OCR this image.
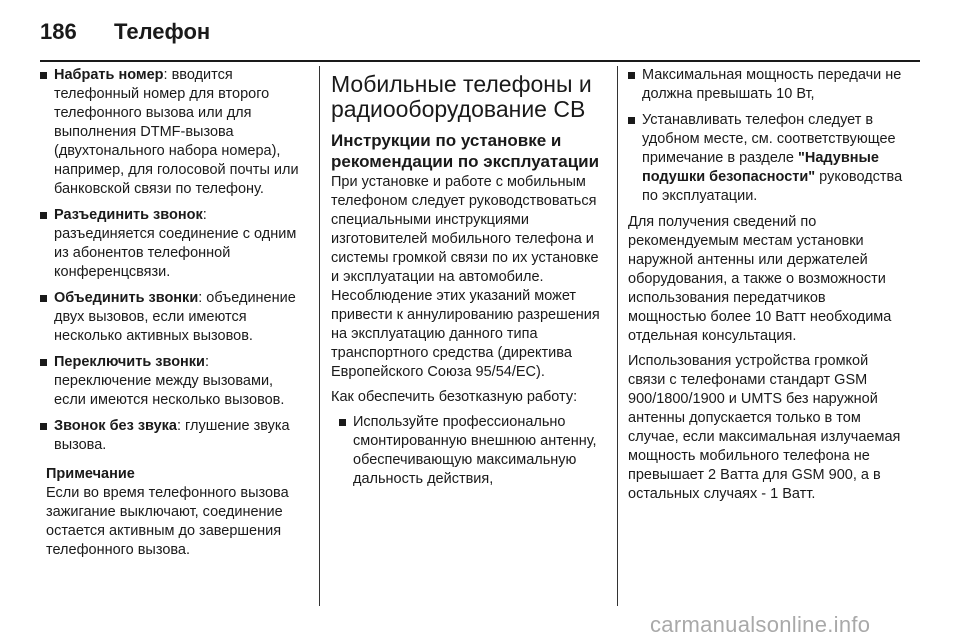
186 Телефон
Набрать номер: вводится телефонный номер для второго телефонного вызова или для выполнения DTMF-вызова (двухтонального набора номера), например, для голосовой почты или банковской связи по телефону.
Разъединить звонок: разъединяется соединение с одним из абонентов телефонной конференцсвязи.
Объединить звонки: объединение двух вызовов, если имеются несколько активных вызовов.
Переключить звонки: переключение между вызовами, если имеются несколько вызовов.
Звонок без звука: глушение звука вызова.
Примечание
Если во время телефонного вызова зажигание выключают, соединение остается активным до завершения телефонного вызова.
Мобильные телефоны и радиооборудование СВ
Инструкции по установке и рекомендации по эксплуатации
При установке и работе с мобильным телефоном следует руководствоваться специальными инструкциями изготовителей мобильного телефона и системы громкой связи по их установке и эксплуатации на автомобиле. Несоблюдение этих указаний может привести к аннулированию разрешения на эксплуатацию данного типа транспортного средства (директива Европейского Союза 95/54/EC).
Как обеспечить безотказную работу:
Используйте профессионально смонтированную внешнюю антенну, обеспечивающую максимальную дальность действия,
Максимальная мощность передачи не должна превышать 10 Вт,
Устанавливать телефон следует в удобном месте, см. соответствующее примечание в разделе "Надувные подушки безопасности" руководства по эксплуатации.
Для получения сведений по рекомендуемым местам установки наружной антенны или держателей оборудования, а также о возможности использования передатчиков мощностью более 10 Ватт необходима отдельная консультация.
Использования устройства громкой связи с телефонами стандарт GSM 900/1800/1900 и UMTS без наружной антенны допускается только в том случае, если максимальная излучаемая мощность мобильного телефона не превышает 2 Ватта для GSM 900, а в остальных случаях - 1 Ватт.
carmanualsonline.info
